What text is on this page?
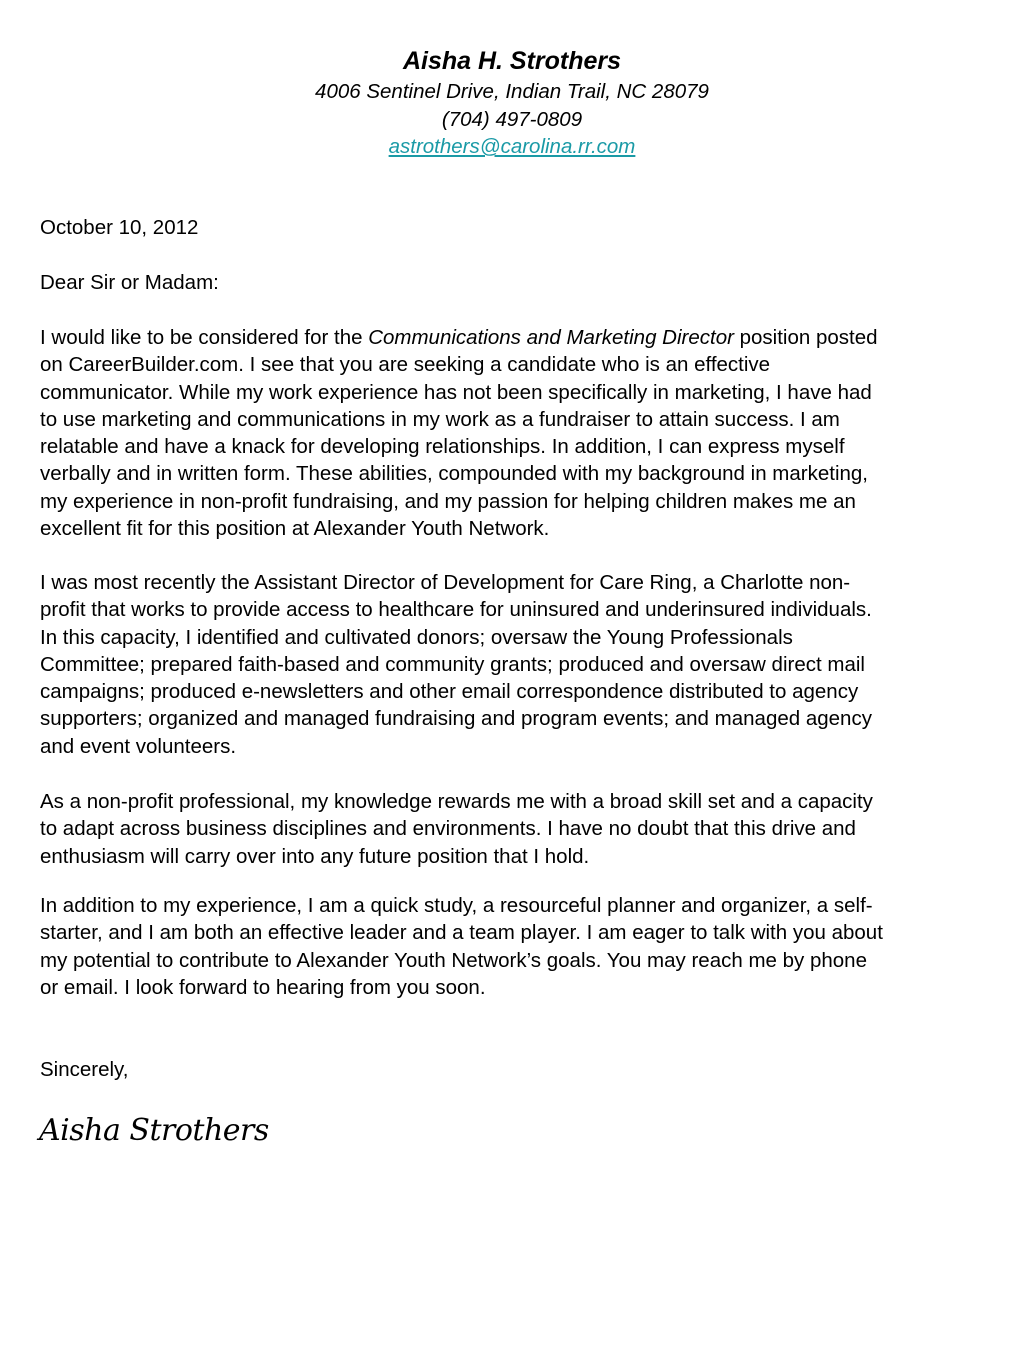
Aisha H. Strothers

4006 Sentinel Drive, Indian Trail, NC 28079

(704) 497-0809

astrothers@carolina.rr.com

October 10, 2012

Dear Sir or Madam:

I would like to be considered for the Communications and Marketing Director position posted
on CareerBuilder.com. I see that you are seeking a candidate who is an effective
communicator. While my work experience has not been specifically in marketing, I have had
to use marketing and communications in my work as a fundraiser to attain success. I am
relatable and have a knack for developing relationships. In addition, I can express myself
verbally and in written form. These abilities, compounded with my background in marketing,
my experience in non-profit fundraising, and my passion for helping children makes me an
excellent fit for this position at Alexander Youth Network.
I was most recently the Assistant Director of Development for Care Ring, a Charlotte non-
profit that works to provide access to healthcare for uninsured and underinsured individuals.
In this capacity, I identified and cultivated donors; oversaw the Young Professionals
Committee; prepared faith-based and community grants; produced and oversaw direct mail
campaigns; produced e-newsletters and other email correspondence distributed to agency
supporters; organized and managed fundraising and program events; and managed agency
and event volunteers.
As a non-profit professional, my knowledge rewards me with a broad skill set and a capacity
to adapt across business disciplines and environments. I have no doubt that this drive and
enthusiasm will carry over into any future position that I hold.
In addition to my experience, I am a quick study, a resourceful planner and organizer, a self-
starter, and I am both an effective leader and a team player. I am eager to talk with you about
my potential to contribute to Alexander Youth Network’s goals. You may reach me by phone
or email. I look forward to hearing from you soon.

Sincerely,

Aisha Strothers
